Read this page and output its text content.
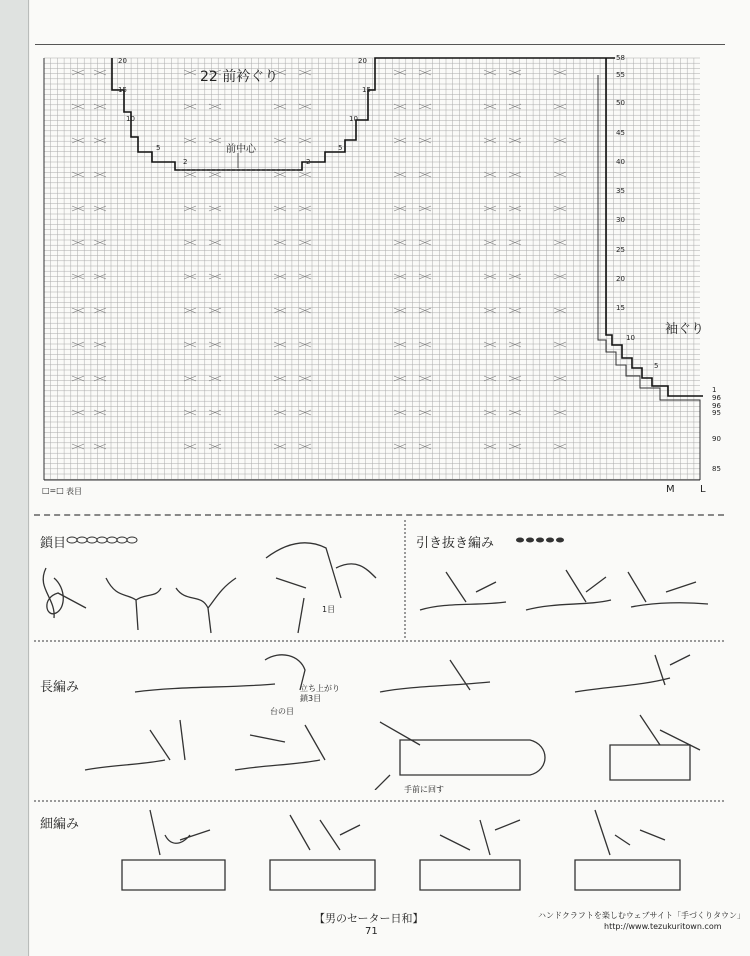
22 前衿ぐり
前中心
袖ぐり
20
15
10
5
2	2
5
10
15
20	58
55
50
45
40
35
30
25
20
15
10
5
1
96
96
95
90
85
M	L
□=□ 表目
鎖目
1目
引き抜き編み
長編み	立ち上がり
鎖3目
台の目
手前に回す
細編み
【男のセーター日和】
71
ハンドクラフトを楽しむウェブサイト「手づくりタウン」
http://www.tezukuritown.com
